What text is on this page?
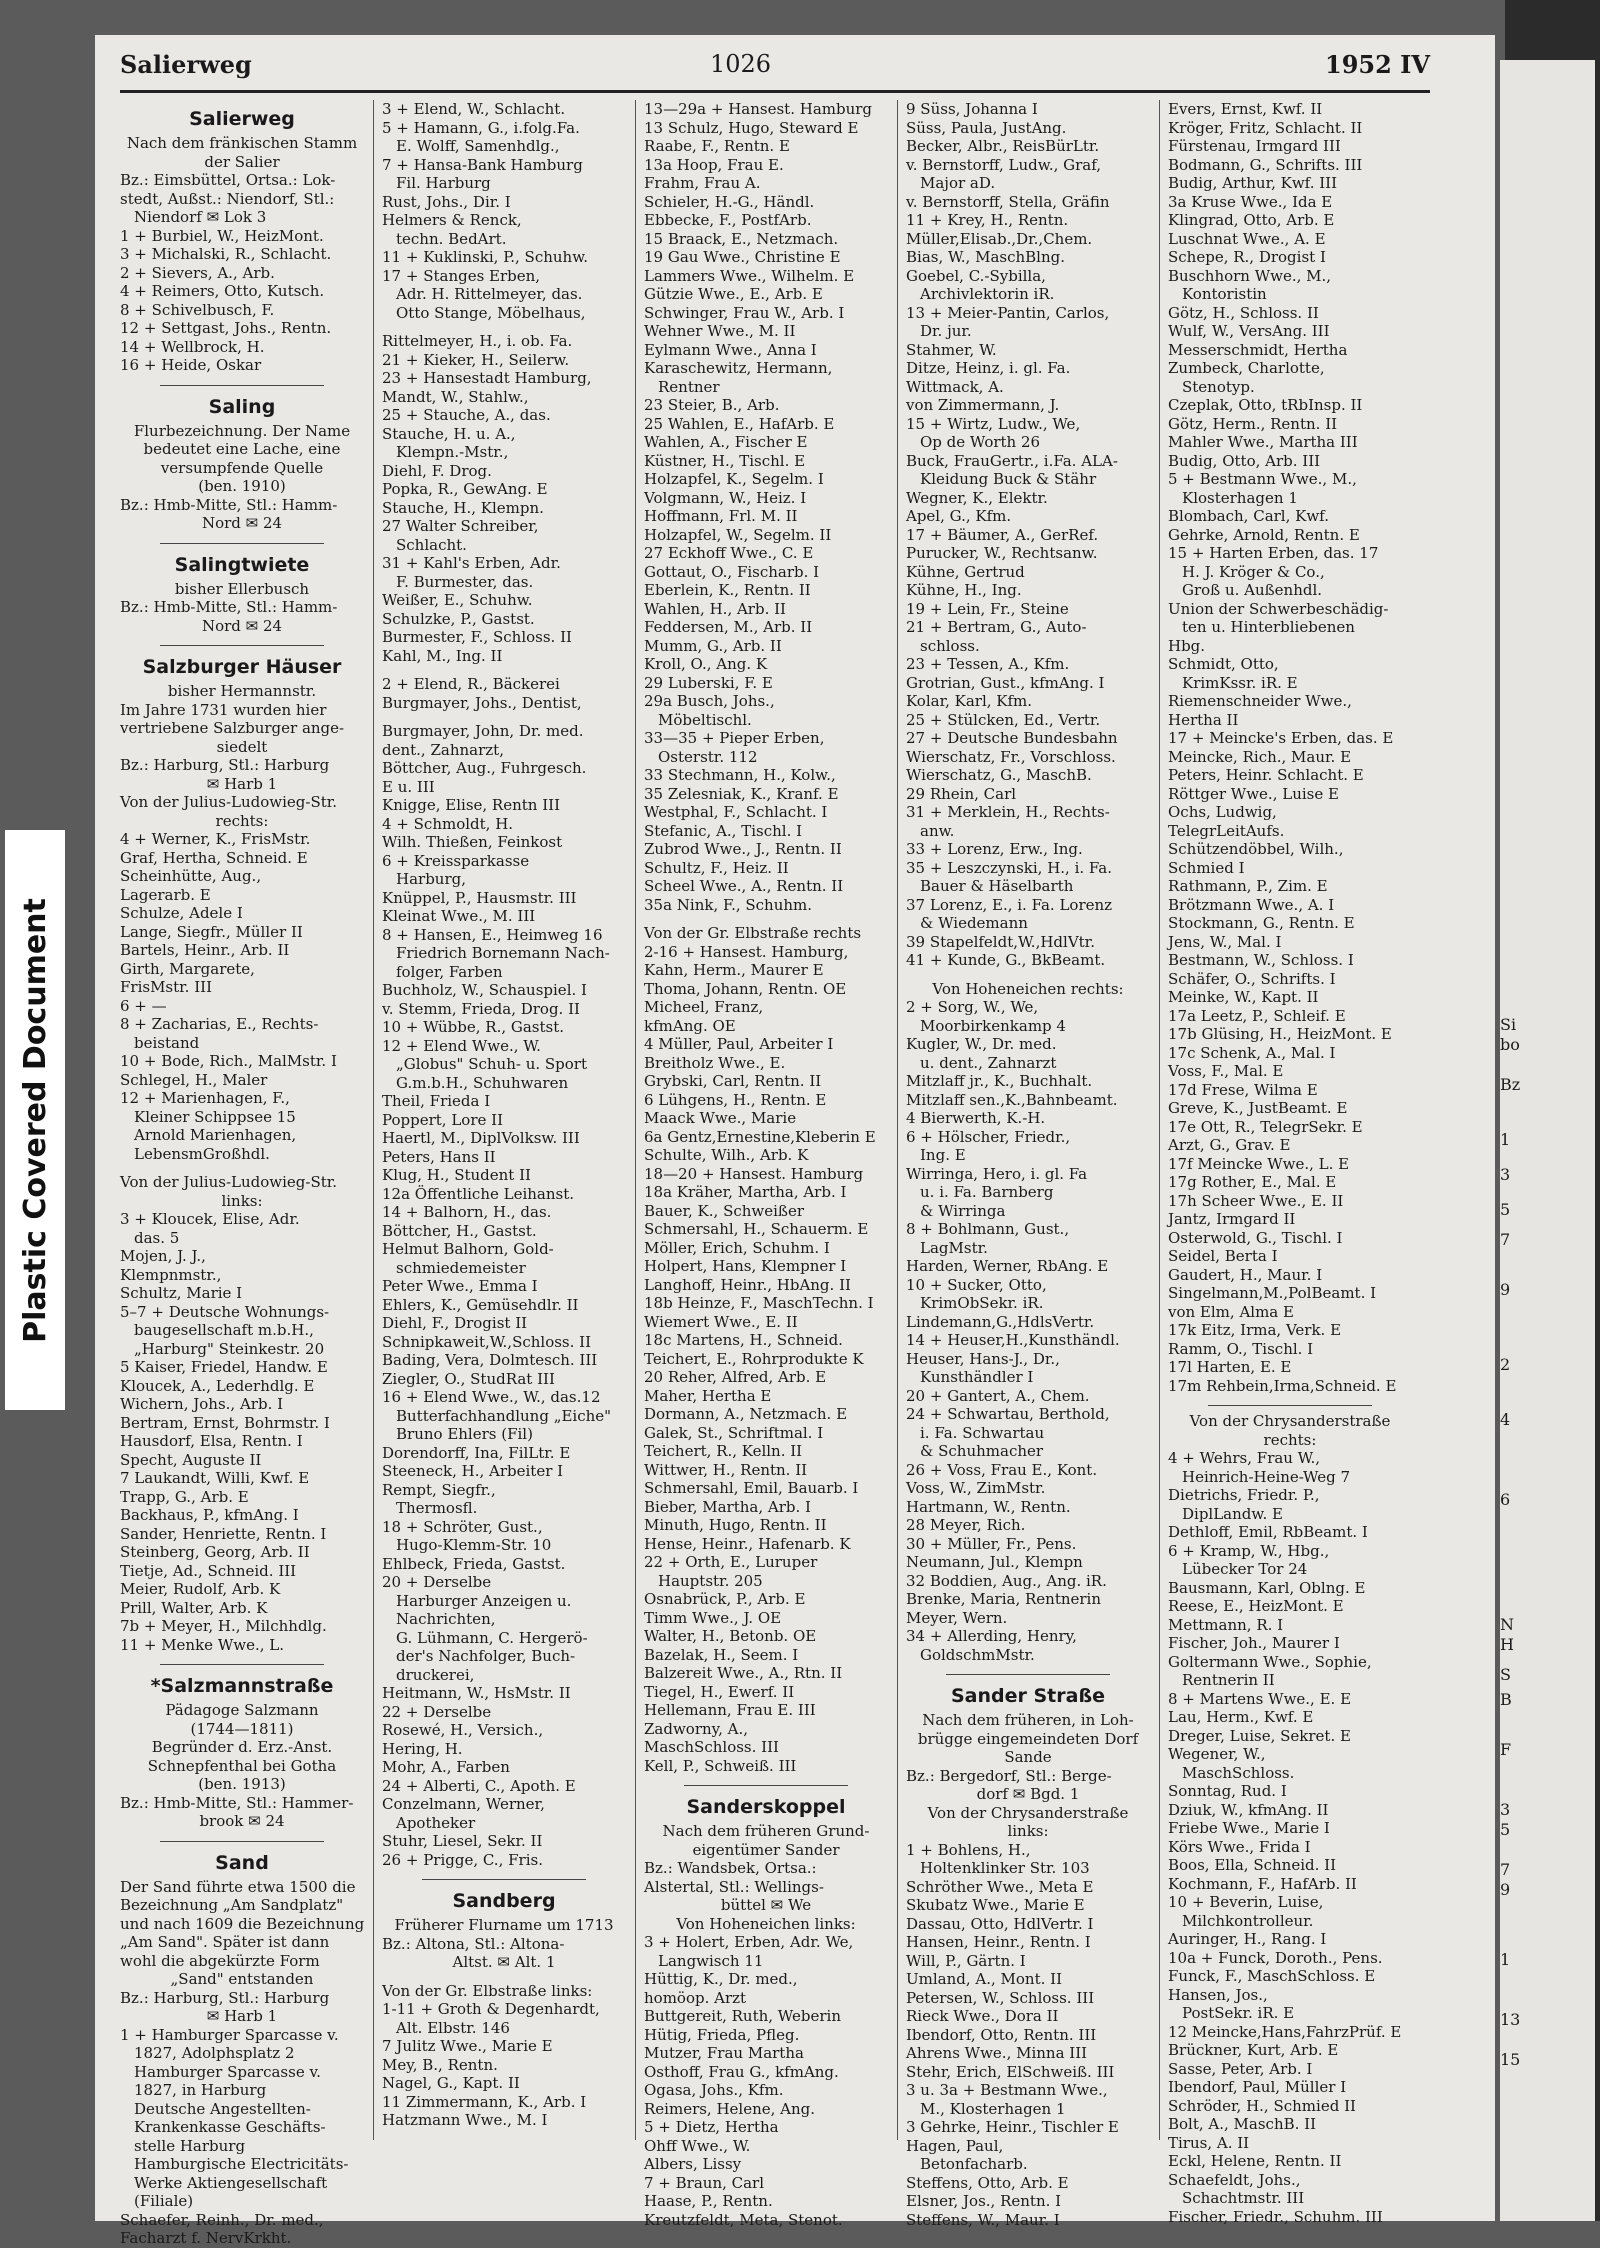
Si
bo
Bz
1
3
5
7
9
2
4
6
N
H
S
B
F
3
5
7
9
1
13
15
Plastic Covered Document
Salierweg	1026	1952 IV
Salierweg
Nach dem fränkischen Stamm
der Salier
Bz.: Eimsbüttel, Ortsa.: Lok-
stedt, Außst.: Niendorf, Stl.:
Niendorf ✉ Lok 3
1 + Burbiel, W., HeizMont.
3 + Michalski, R., Schlacht.
2 + Sievers, A., Arb.
4 + Reimers, Otto, Kutsch.
8 + Schivelbusch, F.
12 + Settgast, Johs., Rentn.
14 + Wellbrock, H.
16 + Heide, Oskar
Saling
Flurbezeichnung. Der Name
bedeutet eine Lache, eine
versumpfende Quelle
(ben. 1910)
Bz.: Hmb-Mitte, Stl.: Hamm-
Nord ✉ 24
Salingtwiete
bisher Ellerbusch
Bz.: Hmb-Mitte, Stl.: Hamm-
Nord ✉ 24
Salzburger Häuser
bisher Hermannstr.
Im Jahre 1731 wurden hier
vertriebene Salzburger ange-
siedelt
Bz.: Harburg, Stl.: Harburg
✉ Harb 1
Von der Julius-Ludowieg-Str.
rechts:
4 + Werner, K., FrisMstr.
Graf, Hertha, Schneid. E
Scheinhütte, Aug.,
Lagerarb. E
Schulze, Adele I
Lange, Siegfr., Müller II
Bartels, Heinr., Arb. II
Girth, Margarete,
FrisMstr. III
6 + —
8 + Zacharias, E., Rechts-
beistand
10 + Bode, Rich., MalMstr. I
Schlegel, H., Maler
12 + Marienhagen, F.,
Kleiner Schippsee 15
Arnold Marienhagen,
LebensmGroßhdl.
Von der Julius-Ludowieg-Str.
links:
3 + Kloucek, Elise, Adr.
das. 5
Mojen, J. J.,
Klempnmstr.,
Schultz, Marie I
5–7 + Deutsche Wohnungs-
baugesellschaft m.b.H.,
„Harburg" Steinkestr. 20
5 Kaiser, Friedel, Handw. E
Kloucek, A., Lederhdlg. E
Wichern, Johs., Arb. I
Bertram, Ernst, Bohrmstr. I
Hausdorf, Elsa, Rentn. I
Specht, Auguste II
7 Laukandt, Willi, Kwf. E
Trapp, G., Arb. E
Backhaus, P., kfmAng. I
Sander, Henriette, Rentn. I
Steinberg, Georg, Arb. II
Tietje, Ad., Schneid. III
Meier, Rudolf, Arb. K
Prill, Walter, Arb. K
7b + Meyer, H., Milchhdlg.
11 + Menke Wwe., L.
*Salzmannstraße
Pädagoge Salzmann
(1744—1811)
Begründer d. Erz.-Anst.
Schnepfenthal bei Gotha
(ben. 1913)
Bz.: Hmb-Mitte, Stl.: Hammer-
brook ✉ 24
Sand
Der Sand führte etwa 1500 die
Bezeichnung „Am Sandplatz"
und nach 1609 die Bezeichnung
„Am Sand". Später ist dann
wohl die abgekürzte Form
„Sand" entstanden
Bz.: Harburg, Stl.: Harburg
✉ Harb 1
1 + Hamburger Sparcasse v.
1827, Adolphsplatz 2
Hamburger Sparcasse v.
1827, in Harburg
Deutsche Angestellten-
Krankenkasse Geschäfts-
stelle Harburg
Hamburgische Electricitäts-
Werke Aktiengesellschaft
(Filiale)
Schaefer, Reinh., Dr. med.,
Facharzt f. NervKrkht.
3 + Elend, W., Schlacht.
5 + Hamann, G., i.folg.Fa.
E. Wolff, Samenhdlg.,
7 + Hansa-Bank Hamburg
Fil. Harburg
Rust, Johs., Dir. I
Helmers & Renck,
techn. BedArt.
11 + Kuklinski, P., Schuhw.
17 + Stanges Erben,
Adr. H. Rittelmeyer, das.
Otto Stange, Möbelhaus,
Rittelmeyer, H., i. ob. Fa.
21 + Kieker, H., Seilerw.
23 + Hansestadt Hamburg,
Mandt, W., Stahlw.,
25 + Stauche, A., das.
Stauche, H. u. A.,
Klempn.-Mstr.,
Diehl, F. Drog.
Popka, R., GewAng. E
Stauche, H., Klempn.
27 Walter Schreiber,
Schlacht.
31 + Kahl's Erben, Adr.
F. Burmester, das.
Weißer, E., Schuhw.
Schulzke, P., Gastst.
Burmester, F., Schloss. II
Kahl, M., Ing. II
2 + Elend, R., Bäckerei
Burgmayer, Johs., Dentist,
Burgmayer, John, Dr. med.
dent., Zahnarzt,
Böttcher, Aug., Fuhrgesch.
E u. III
Knigge, Elise, Rentn III
4 + Schmoldt, H.
Wilh. Thießen, Feinkost
6 + Kreissparkasse
Harburg,
Knüppel, P., Hausmstr. III
Kleinat Wwe., M. III
8 + Hansen, E., Heimweg 16
Friedrich Bornemann Nach-
folger, Farben
Buchholz, W., Schauspiel. I
v. Stemm, Frieda, Drog. II
10 + Wübbe, R., Gastst.
12 + Elend Wwe., W.
„Globus" Schuh- u. Sport
G.m.b.H., Schuhwaren
Theil, Frieda I
Poppert, Lore II
Haertl, M., DiplVolksw. III
Peters, Hans II
Klug, H., Student II
12a Öffentliche Leihanst.
14 + Balhorn, H., das.
Böttcher, H., Gastst.
Helmut Balhorn, Gold-
schmiedemeister
Peter Wwe., Emma I
Ehlers, K., Gemüsehdlr. II
Diehl, F., Drogist II
Schnipkaweit,W.,Schloss. II
Bading, Vera, Dolmtesch. III
Ziegler, O., StudRat III
16 + Elend Wwe., W., das.12
Butterfachhandlung „Eiche"
Bruno Ehlers (Fil)
Dorendorff, Ina, FilLtr. E
Steeneck, H., Arbeiter I
Rempt, Siegfr.,
Thermosfl.
18 + Schröter, Gust.,
Hugo-Klemm-Str. 10
Ehlbeck, Frieda, Gastst.
20 + Derselbe
Harburger Anzeigen u.
Nachrichten,
G. Lühmann, C. Hergerö-
der's Nachfolger, Buch-
druckerei,
Heitmann, W., HsMstr. II
22 + Derselbe
Rosewé, H., Versich.,
Hering, H.
Mohr, A., Farben
24 + Alberti, C., Apoth. E
Conzelmann, Werner,
Apotheker
Stuhr, Liesel, Sekr. II
26 + Prigge, C., Fris.
Sandberg
Früherer Flurname um 1713
Bz.: Altona, Stl.: Altona-
Altst. ✉ Alt. 1
Von der Gr. Elbstraße links:
1-11 + Groth & Degenhardt,
Alt. Elbstr. 146
7 Julitz Wwe., Marie E
Mey, B., Rentn.
Nagel, G., Kapt. II
11 Zimmermann, K., Arb. I
Hatzmann Wwe., M. I
13—29a + Hansest. Hamburg
13 Schulz, Hugo, Steward E
Raabe, F., Rentn. E
13a Hoop, Frau E.
Frahm, Frau A.
Schieler, H.-G., Händl.
Ebbecke, F., PostfArb.
15 Braack, E., Netzmach.
19 Gau Wwe., Christine E
Lammers Wwe., Wilhelm. E
Gützie Wwe., E., Arb. E
Schwinger, Frau W., Arb. I
Wehner Wwe., M. II
Eylmann Wwe., Anna I
Karaschewitz, Hermann,
Rentner
23 Steier, B., Arb.
25 Wahlen, E., HafArb. E
Wahlen, A., Fischer E
Küstner, H., Tischl. E
Holzapfel, K., Segelm. I
Volgmann, W., Heiz. I
Hoffmann, Frl. M. II
Holzapfel, W., Segelm. II
27 Eckhoff Wwe., C. E
Gottaut, O., Fischarb. I
Eberlein, K., Rentn. II
Wahlen, H., Arb. II
Feddersen, M., Arb. II
Mumm, G., Arb. II
Kroll, O., Ang. K
29 Luberski, F. E
29a Busch, Johs.,
Möbeltischl.
33—35 + Pieper Erben,
Osterstr. 112
33 Stechmann, H., Kolw.,
35 Zelesniak, K., Kranf. E
Westphal, F., Schlacht. I
Stefanic, A., Tischl. I
Zubrod Wwe., J., Rentn. II
Schultz, F., Heiz. II
Scheel Wwe., A., Rentn. II
35a Nink, F., Schuhm.
Von der Gr. Elbstraße rechts
2-16 + Hansest. Hamburg,
Kahn, Herm., Maurer E
Thoma, Johann, Rentn. OE
Micheel, Franz,
kfmAng. OE
4 Müller, Paul, Arbeiter I
Breitholz Wwe., E.
Grybski, Carl, Rentn. II
6 Lühgens, H., Rentn. E
Maack Wwe., Marie
6a Gentz,Ernestine,Kleberin E
Schulte, Wilh., Arb. K
18—20 + Hansest. Hamburg
18a Kräher, Martha, Arb. I
Bauer, K., Schweißer
Schmersahl, H., Schauerm. E
Möller, Erich, Schuhm. I
Holpert, Hans, Klempner I
Langhoff, Heinr., HbAng. II
18b Heinze, F., MaschTechn. I
Wiemert Wwe., E. II
18c Martens, H., Schneid.
Teichert, E., Rohrprodukte K
20 Reher, Alfred, Arb. E
Maher, Hertha E
Dormann, A., Netzmach. E
Galek, St., Schriftmal. I
Teichert, R., Kelln. II
Wittwer, H., Rentn. II
Schmersahl, Emil, Bauarb. I
Bieber, Martha, Arb. I
Minuth, Hugo, Rentn. II
Hense, Heinr., Hafenarb. K
22 + Orth, E., Luruper
Hauptstr. 205
Osnabrück, P., Arb. E
Timm Wwe., J. OE
Walter, H., Betonb. OE
Bazelak, H., Seem. I
Balzereit Wwe., A., Rtn. II
Tiegel, H., Ewerf. II
Hellemann, Frau E. III
Zadworny, A.,
MaschSchloss. III
Kell, P., Schweiß. III
Sanderskoppel
Nach dem früheren Grund-
eigentümer Sander
Bz.: Wandsbek, Ortsa.:
Alstertal, Stl.: Wellings-
büttel ✉ We
Von Hoheneichen links:
3 + Holert, Erben, Adr. We,
Langwisch 11
Hüttig, K., Dr. med.,
homöop. Arzt
Buttgereit, Ruth, Weberin
Hütig, Frieda, Pfleg.
Mutzer, Frau Martha
Osthoff, Frau G., kfmAng.
Ogasa, Johs., Kfm.
Reimers, Helene, Ang.
5 + Dietz, Hertha
Ohff Wwe., W.
Albers, Lissy
7 + Braun, Carl
Haase, P., Rentn.
Kreutzfeldt, Meta, Stenot.
9 Süss, Johanna I
Süss, Paula, JustAng.
Becker, Albr., ReisBürLtr.
v. Bernstorff, Ludw., Graf,
Major aD.
v. Bernstorff, Stella, Gräfin
11 + Krey, H., Rentn.
Müller,Elisab.,Dr.,Chem.
Bias, W., MaschBlng.
Goebel, C.-Sybilla,
Archivlektorin iR.
13 + Meier-Pantin, Carlos,
Dr. jur.
Stahmer, W.
Ditze, Heinz, i. gl. Fa.
Wittmack, A.
von Zimmermann, J.
15 + Wirtz, Ludw., We,
Op de Worth 26
Buck, FrauGertr., i.Fa. ALA-
Kleidung Buck & Stähr
Wegner, K., Elektr.
Apel, G., Kfm.
17 + Bäumer, A., GerRef.
Purucker, W., Rechtsanw.
Kühne, Gertrud
Kühne, H., Ing.
19 + Lein, Fr., Steine
21 + Bertram, G., Auto-
schloss.
23 + Tessen, A., Kfm.
Grotrian, Gust., kfmAng. I
Kolar, Karl, Kfm.
25 + Stülcken, Ed., Vertr.
27 + Deutsche Bundesbahn
Wierschatz, Fr., Vorschloss.
Wierschatz, G., MaschB.
29 Rhein, Carl
31 + Merklein, H., Rechts-
anw.
33 + Lorenz, Erw., Ing.
35 + Leszczynski, H., i. Fa.
Bauer & Häselbarth
37 Lorenz, E., i. Fa. Lorenz
& Wiedemann
39 Stapelfeldt,W.,HdlVtr.
41 + Kunde, G., BkBeamt.
Von Hoheneichen rechts:
2 + Sorg, W., We,
Moorbirkenkamp 4
Kugler, W., Dr. med.
u. dent., Zahnarzt
Mitzlaff jr., K., Buchhalt.
Mitzlaff sen.,K.,Bahnbeamt.
4 Bierwerth, K.-H.
6 + Hölscher, Friedr.,
Ing. E
Wirringa, Hero, i. gl. Fa
u. i. Fa. Barnberg
& Wirringa
8 + Bohlmann, Gust.,
LagMstr.
Harden, Werner, RbAng. E
10 + Sucker, Otto,
KrimObSekr. iR.
Lindemann,G.,HdlsVertr.
14 + Heuser,H.,Kunsthändl.
Heuser, Hans-J., Dr.,
Kunsthändler I
20 + Gantert, A., Chem.
24 + Schwartau, Berthold,
i. Fa. Schwartau
& Schuhmacher
26 + Voss, Frau E., Kont.
Voss, W., ZimMstr.
Hartmann, W., Rentn.
28 Meyer, Rich.
30 + Müller, Fr., Pens.
Neumann, Jul., Klempn
32 Boddien, Aug., Ang. iR.
Brenke, Maria, Rentnerin
Meyer, Wern.
34 + Allerding, Henry,
GoldschmMstr.
Sander Straße
Nach dem früheren, in Loh-
brügge eingemeindeten Dorf
Sande
Bz.: Bergedorf, Stl.: Berge-
dorf ✉ Bgd. 1
Von der Chrysanderstraße
links:
1 + Bohlens, H.,
Holtenklinker Str. 103
Schröther Wwe., Meta E
Skubatz Wwe., Marie E
Dassau, Otto, HdlVertr. I
Hansen, Heinr., Rentn. I
Will, P., Gärtn. I
Umland, A., Mont. II
Petersen, W., Schloss. III
Rieck Wwe., Dora II
Ibendorf, Otto, Rentn. III
Ahrens Wwe., Minna III
Stehr, Erich, ElSchweiß. III
3 u. 3a + Bestmann Wwe.,
M., Klosterhagen 1
3 Gehrke, Heinr., Tischler E
Hagen, Paul,
Betonfacharb.
Steffens, Otto, Arb. E
Elsner, Jos., Rentn. I
Steffens, W., Maur. I
Evers, Ernst, Kwf. II
Kröger, Fritz, Schlacht. II
Fürstenau, Irmgard III
Bodmann, G., Schrifts. III
Budig, Arthur, Kwf. III
3a Kruse Wwe., Ida E
Klingrad, Otto, Arb. E
Luschnat Wwe., A. E
Schepe, R., Drogist I
Buschhorn Wwe., M.,
Kontoristin
Götz, H., Schloss. II
Wulf, W., VersAng. III
Messerschmidt, Hertha
Zumbeck, Charlotte,
Stenotyp.
Czeplak, Otto, tRbInsp. II
Götz, Herm., Rentn. II
Mahler Wwe., Martha III
Budig, Otto, Arb. III
5 + Bestmann Wwe., M.,
Klosterhagen 1
Blombach, Carl, Kwf.
Gehrke, Arnold, Rentn. E
15 + Harten Erben, das. 17
H. J. Kröger & Co.,
Groß u. Außenhdl.
Union der Schwerbeschädig-
ten u. Hinterbliebenen
Hbg.
Schmidt, Otto,
KrimKssr. iR. E
Riemenschneider Wwe.,
Hertha II
17 + Meincke's Erben, das. E
Meincke, Rich., Maur. E
Peters, Heinr. Schlacht. E
Röttger Wwe., Luise E
Ochs, Ludwig,
TelegrLeitAufs.
Schützendöbbel, Wilh.,
Schmied I
Rathmann, P., Zim. E
Brötzmann Wwe., A. I
Stockmann, G., Rentn. E
Jens, W., Mal. I
Bestmann, W., Schloss. I
Schäfer, O., Schrifts. I
Meinke, W., Kapt. II
17a Leetz, P., Schleif. E
17b Glüsing, H., HeizMont. E
17c Schenk, A., Mal. I
Voss, F., Mal. E
17d Frese, Wilma E
Greve, K., JustBeamt. E
17e Ott, R., TelegrSekr. E
Arzt, G., Grav. E
17f Meincke Wwe., L. E
17g Rother, E., Mal. E
17h Scheer Wwe., E. II
Jantz, Irmgard II
Osterwold, G., Tischl. I
Seidel, Berta I
Gaudert, H., Maur. I
Singelmann,M.,PolBeamt. I
von Elm, Alma E
17k Eitz, Irma, Verk. E
Ramm, O., Tischl. I
17l Harten, E. E
17m Rehbein,Irma,Schneid. E
Von der Chrysanderstraße
rechts:
4 + Wehrs, Frau W.,
Heinrich-Heine-Weg 7
Dietrichs, Friedr. P.,
DiplLandw. E
Dethloff, Emil, RbBeamt. I
6 + Kramp, W., Hbg.,
Lübecker Tor 24
Bausmann, Karl, Oblng. E
Reese, E., HeizMont. E
Mettmann, R. I
Fischer, Joh., Maurer I
Goltermann Wwe., Sophie,
Rentnerin II
8 + Martens Wwe., E. E
Lau, Herm., Kwf. E
Dreger, Luise, Sekret. E
Wegener, W.,
MaschSchloss.
Sonntag, Rud. I
Dziuk, W., kfmAng. II
Friebe Wwe., Marie I
Körs Wwe., Frida I
Boos, Ella, Schneid. II
Kochmann, F., HafArb. II
10 + Beverin, Luise,
Milchkontrolleur.
Auringer, H., Rang. I
10a + Funck, Doroth., Pens.
Funck, F., MaschSchloss. E
Hansen, Jos.,
PostSekr. iR. E
12 Meincke,Hans,FahrzPrüf. E
Brückner, Kurt, Arb. E
Sasse, Peter, Arb. I
Ibendorf, Paul, Müller I
Schröder, H., Schmied II
Bolt, A., MaschB. II
Tirus, A. II
Eckl, Helene, Rentn. II
Schaefeldt, Johs.,
Schachtmstr. III
Fischer, Friedr., Schuhm. III
